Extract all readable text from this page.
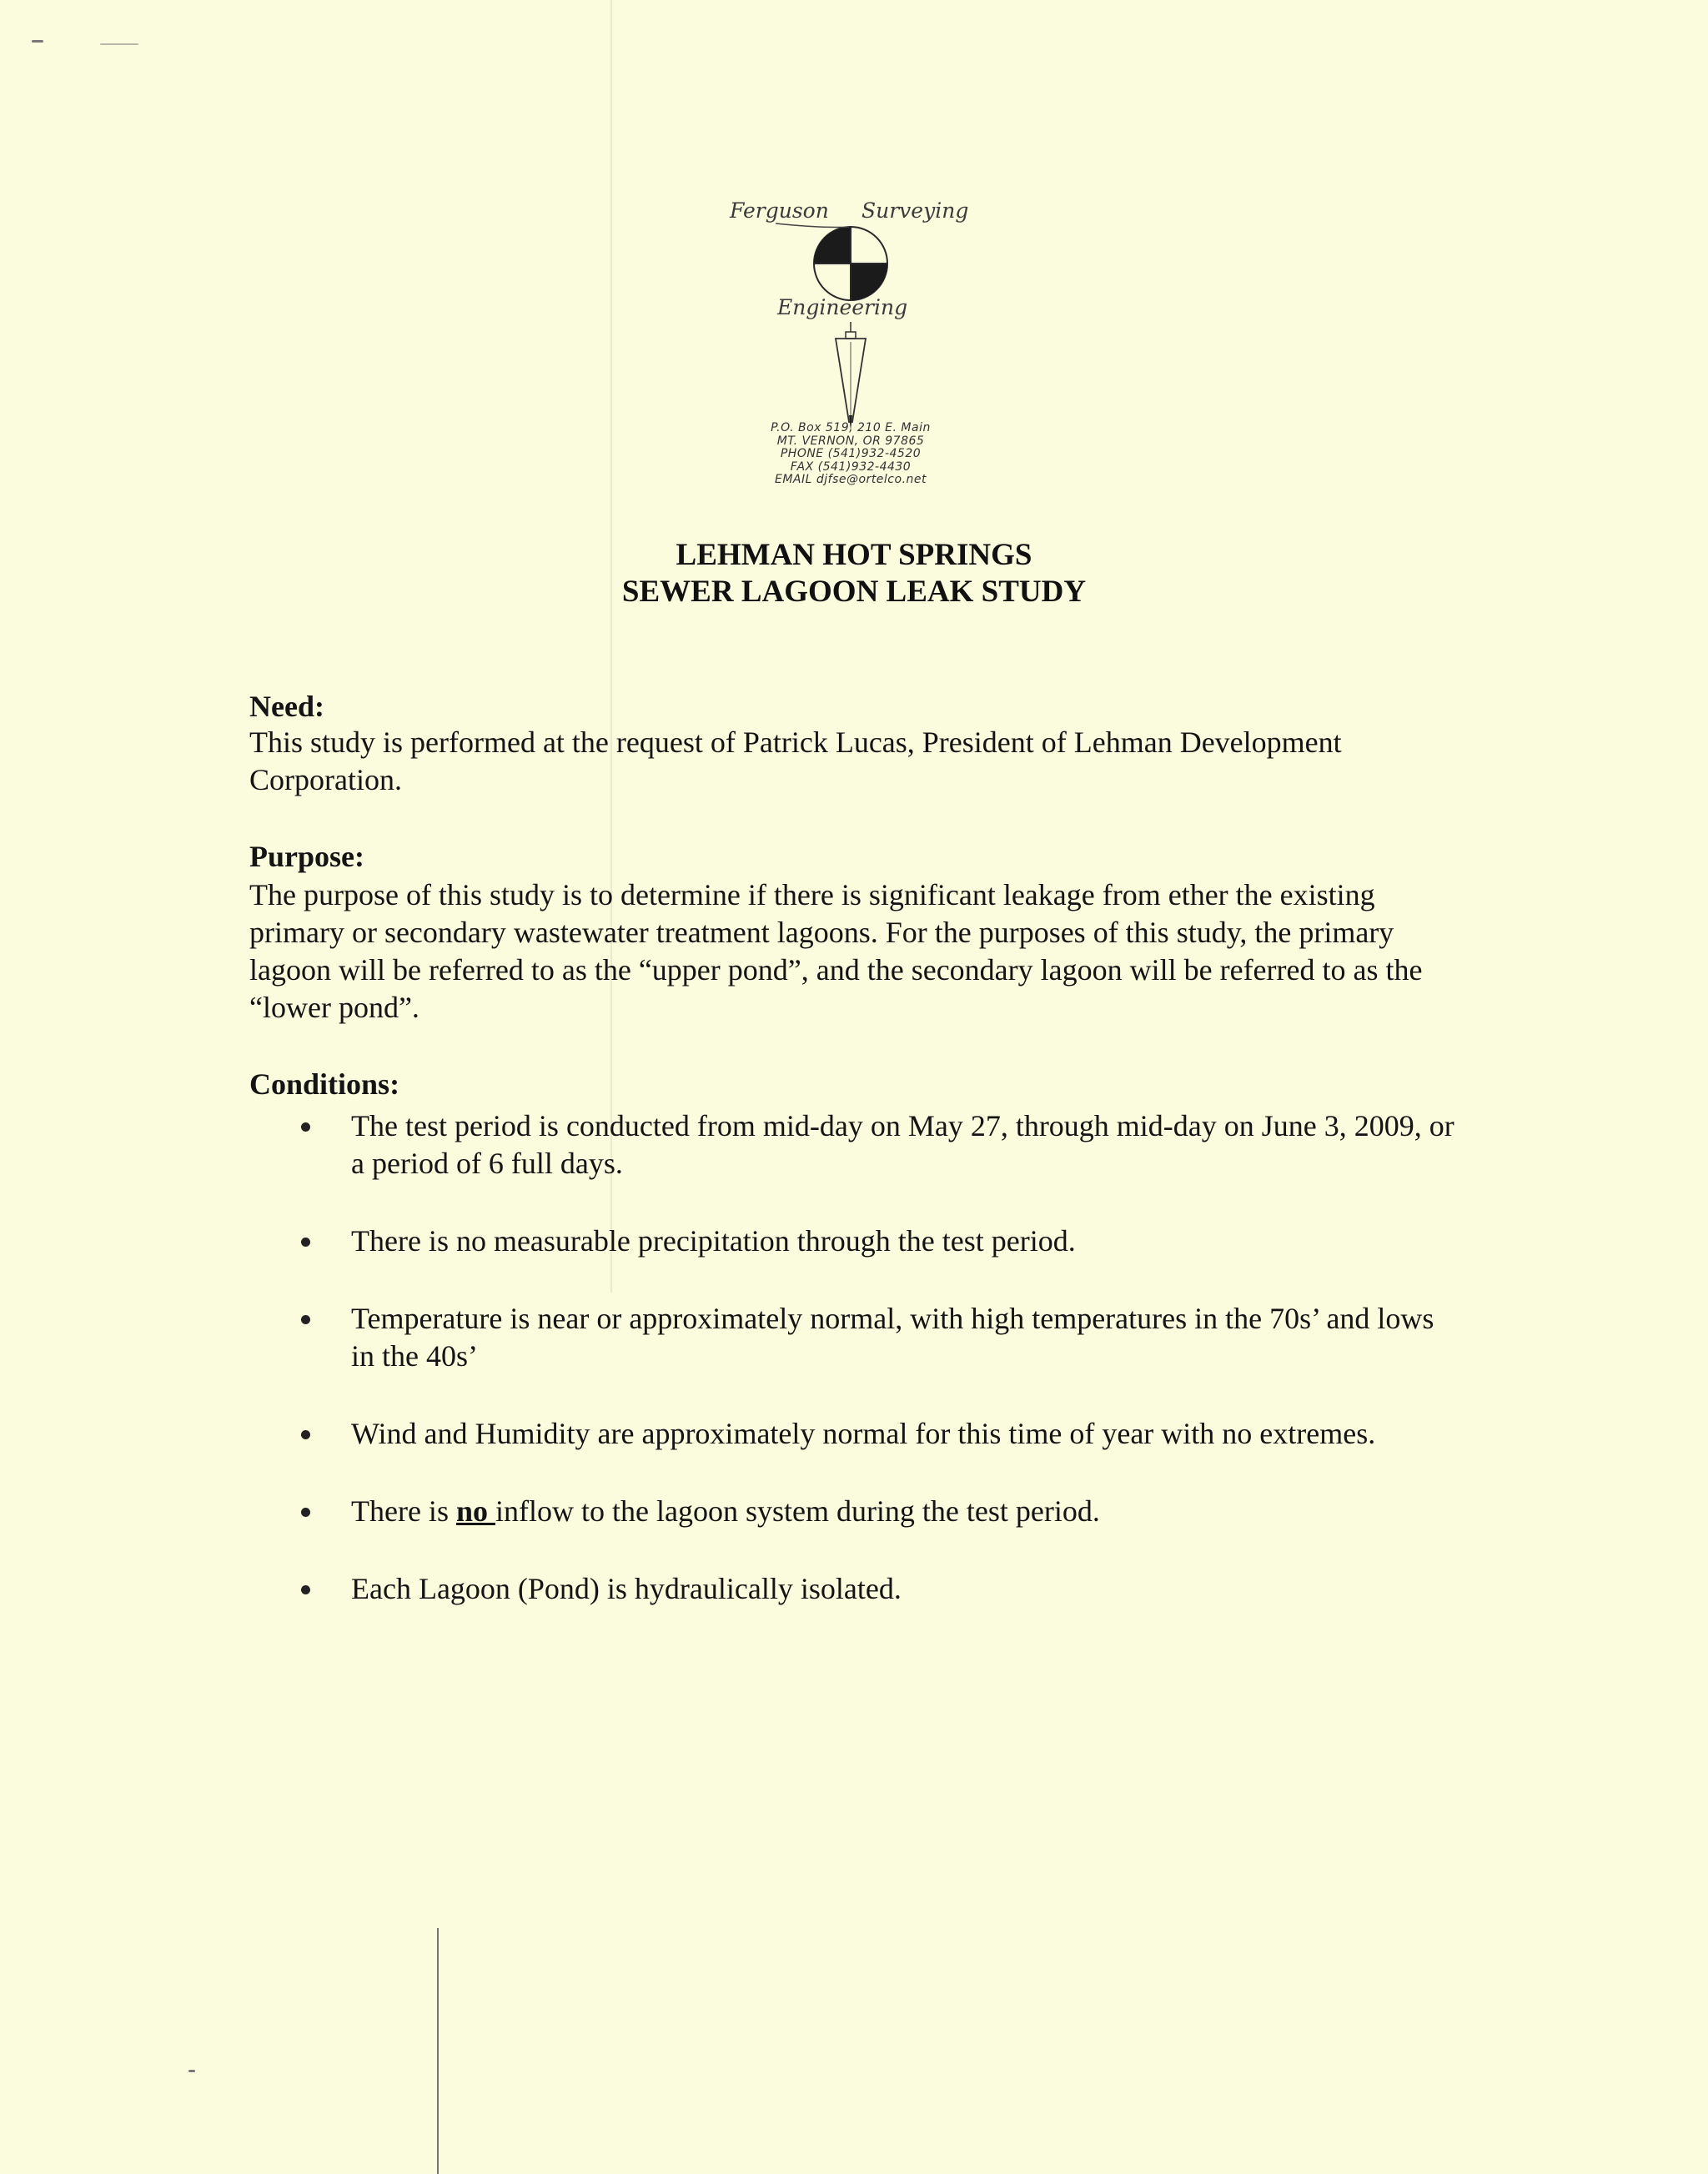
Ferguson Surveying
Engineering
P.O. Box 519, 210 E. Main
MT. VERNON, OR 97865
PHONE (541)932-4520
FAX (541)932-4430
EMAIL djfse@ortelco.net
LEHMAN HOT SPRINGS
SEWER LAGOON LEAK STUDY
Need:
This study is performed at the request of Patrick Lucas, President of Lehman Development Corporation.
Purpose:
The purpose of this study is to determine if there is significant leakage from ether the existing primary or secondary wastewater treatment lagoons. For the purposes of this study, the primary lagoon will be referred to as the “upper pond”, and the secondary lagoon will be referred to as the “lower pond”.
Conditions:
The test period is conducted from mid-day on May 27, through mid-day on June 3, 2009, or a period of 6 full days.
There is no measurable precipitation through the test period.
Temperature is near or approximately normal, with high temperatures in the 70s’ and lows in the 40s’
Wind and Humidity are approximately normal for this time of year with no extremes.
There is no inflow to the lagoon system during the test period.
Each Lagoon (Pond) is hydraulically isolated.
